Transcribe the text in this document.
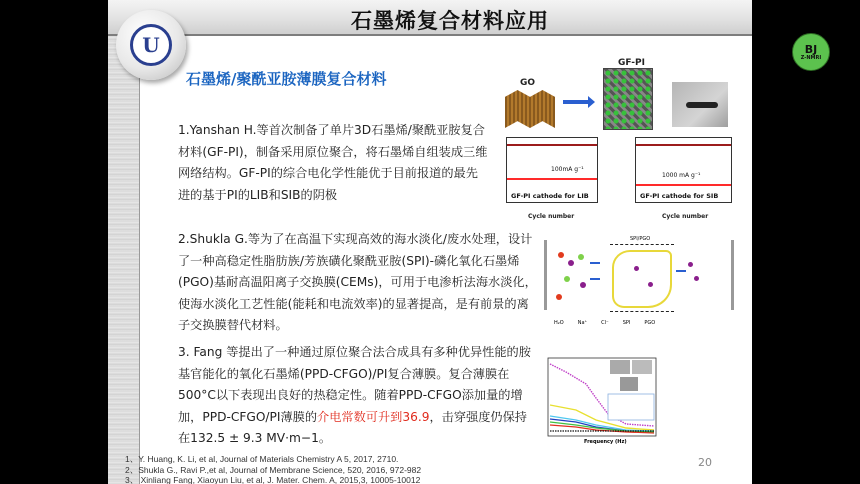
石墨烯复合材料应用
U
石墨烯/聚酰亚胺薄膜复合材料
1.Yanshan H.等首次制备了单片3D石墨烯/聚酰亚胺复合材料(GF-PI)，制备采用原位聚合，将石墨烯自组装成三维网络结构。GF-PI的综合电化学性能优于目前报道的最先进的基于PI的LIB和SIB的阴极
2.Shukla G.等为了在高温下实现高效的海水淡化/废水处理，设计了一种高稳定性脂肪族/芳族磺化聚酰亚胺(SPI)-磷化氧化石墨烯(PGO)基耐高温阳离子交换膜(CEMs)，可用于电渗析法海水淡化，使海水淡化工艺性能(能耗和电流效率)的显著提高，是有前景的离子交换膜替代材料。
3. Fang 等提出了一种通过原位聚合法合成具有多种优异性能的胺基官能化的氧化石墨烯(PPD-CFGO)/PI复合薄膜。复合薄膜在500°C以下表现出良好的热稳定性。随着PPD-CFGO添加量的增加，PPD-CFGO/PI薄膜的介电常数可升到36.9，击穿强度仍保持在132.5 ± 9.3 MV·m−1。
GO
GF-PI
100mA g⁻¹
GF-PI cathode for LIB
Cycle number
1000 mA g⁻¹
GF-PI cathode for SIB
Cycle number
SPI/PGO
H₂O	Na⁺	Cl⁻	SPI	PGO
Frequency (Hz)
1、Y. Huang, K. Li, et al, Journal of Materials Chemistry A 5, 2017, 2710.
2、Shukla G., Ravi P.,et al, Journal of Membrane Science, 520, 2016, 972-982
3、 Xinliang Fang, Xiaoyun Liu, et al, J. Mater. Chem. A, 2015,3, 10005-10012
20
BJ
Z-NMRI
